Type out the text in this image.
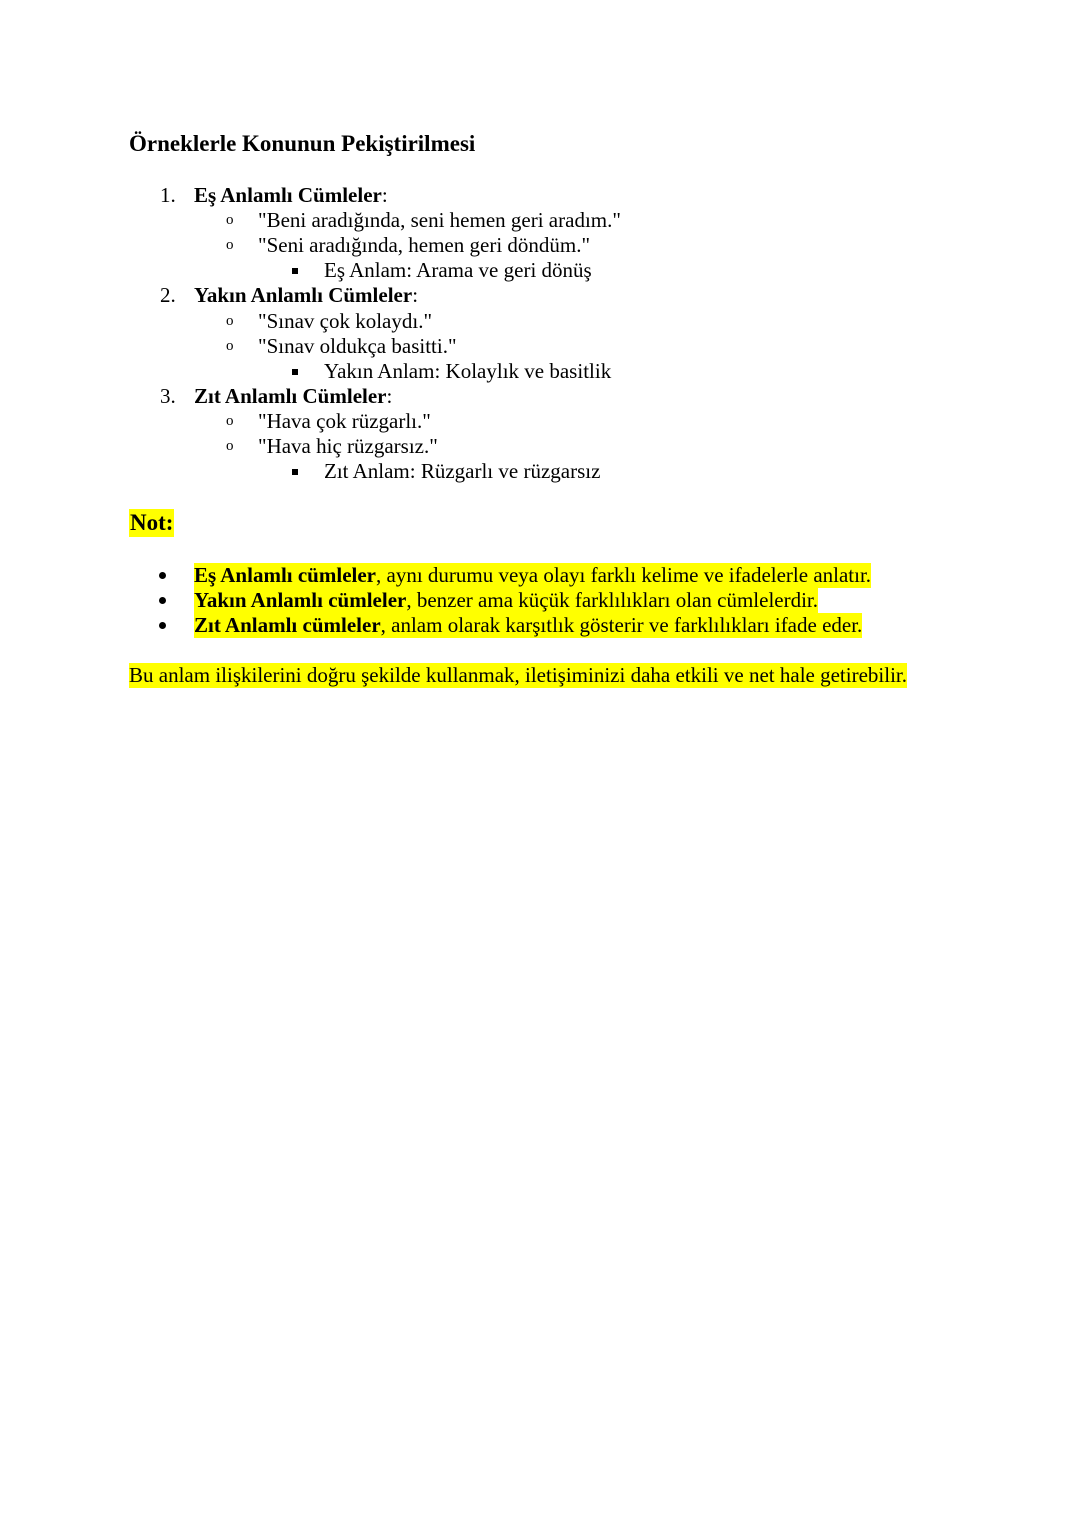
Örneklerle Konunun Pekiştirilmesi
1. Eş Anlamlı Cümleler:
o "Beni aradığında, seni hemen geri aradım."
o "Seni aradığında, hemen geri döndüm."
Eş Anlam: Arama ve geri dönüş
2. Yakın Anlamlı Cümleler:
o "Sınav çok kolaydı."
o "Sınav oldukça basitti."
Yakın Anlam: Kolaylık ve basitlik
3. Zıt Anlamlı Cümleler:
o "Hava çok rüzgarlı."
o "Hava hiç rüzgarsız."
Zıt Anlam: Rüzgarlı ve rüzgarsız
Not:
Eş Anlamlı cümleler, aynı durumu veya olayı farklı kelime ve ifadelerle anlatır.
Yakın Anlamlı cümleler, benzer ama küçük farklılıkları olan cümlelerdir.
Zıt Anlamlı cümleler, anlam olarak karşıtlık gösterir ve farklılıkları ifade eder.
Bu anlam ilişkilerini doğru şekilde kullanmak, iletişiminizi daha etkili ve net hale getirebilir.
